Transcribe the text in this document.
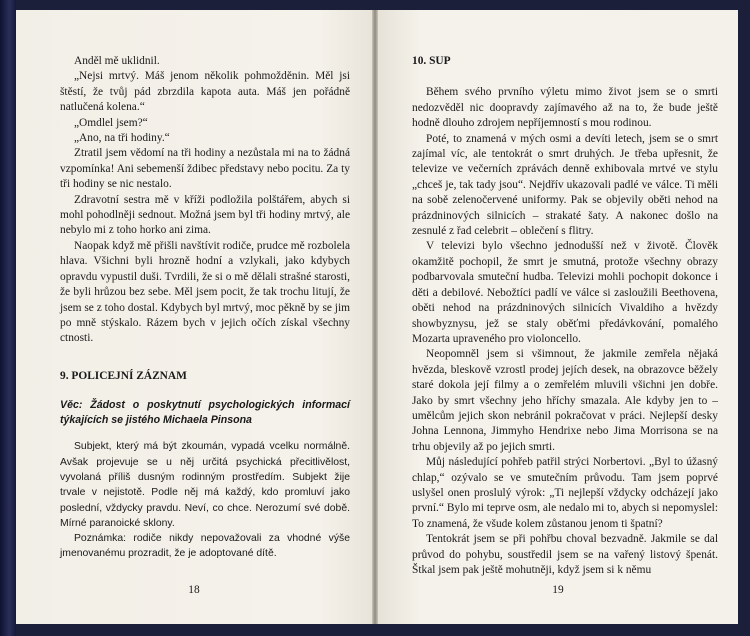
Anděl mě uklidnil.

„Nejsi mrtvý. Máš jenom několik pohmožděnin. Měl jsi štěstí, že tvůj pád zbrzdila kapota auta. Máš jen pořádně natlučená kolena.“

„Omdlel jsem?“

„Ano, na tři hodiny.“

Ztratil jsem vědomí na tři hodiny a nezůstala mi na to žádná vzpomínka! Ani sebemenší ždibec představy nebo pocitu. Za ty tři hodiny se nic nestalo.

Zdravotní sestra mě v kříži podložila polštářem, abych si mohl pohodlněji sednout. Možná jsem byl tři hodiny mrtvý, ale nebylo mi z toho horko ani zima.

Naopak když mě přišli navštívit rodiče, prudce mě rozbolela hlava. Všichni byli hrozně hodní a vzlykali, jako kdybych opravdu vypustil duši. Tvrdili, že si o mě dělali strašné starosti, že byli hrůzou bez sebe. Měl jsem pocit, že tak trochu litují, že jsem se z toho dostal. Kdybych byl mrtvý, moc pěkně by se jim po mně stýskalo. Rázem bych v jejich očích získal všechny ctnosti.

9. POLICEJNÍ ZÁZNAM

Věc: Žádost o poskytnutí psychologických informací týkajících se jistého Michaela Pinsona

Subjekt, který má být zkoumán, vypadá vcelku normálně. Avšak projevuje se u něj určitá psychická přecitlivělost, vyvolaná příliš dusným rodinným prostředím. Subjekt žije trvale v nejistotě. Podle něj má každý, kdo promluví jako poslední, vždycky pravdu. Neví, co chce. Nerozumí své době. Mírné paranoické sklony.

Poznámka: rodiče nikdy nepovažovali za vhodné výše jmenovanému prozradit, že je adoptované dítě.

18

10. SUP

Během svého prvního výletu mimo život jsem se o smrti nedozvěděl nic doopravdy zajímavého až na to, že bude ještě hodně dlouho zdrojem nepříjemností s mou rodinou.

Poté, to znamená v mých osmi a devíti letech, jsem se o smrt zajímal víc, ale tentokrát o smrt druhých. Je třeba upřesnit, že televize ve večerních zprávách denně exhibovala mrtvé ve stylu „chceš je, tak tady jsou“. Nejdřív ukazovali padlé ve válce. Ti měli na sobě zelenočervené uniformy. Pak se objevily oběti nehod na prázdninových silnicích – strakaté šaty. A nakonec došlo na zesnulé z řad celebrit – oblečení s flitry.

V televizi bylo všechno jednodušší než v životě. Člověk okamžitě pochopil, že smrt je smutná, protože všechny obrazy podbarvovala smuteční hudba. Televizi mohli pochopit dokonce i děti a debilové. Nebožtíci padlí ve válce si zasloužili Beethovena, oběti nehod na prázdninových silnicích Vivaldiho a hvězdy showbyznysu, jež se staly oběťmi předávkování, pomalého Mozarta upraveného pro violoncello.

Neopomněl jsem si všimnout, že jakmile zemřela nějaká hvězda, bleskově vzrostl prodej jejích desek, na obrazovce běžely staré dokola její filmy a o zemřelém mluvili všichni jen dobře. Jako by smrt všechny jeho hříchy smazala. Ale kdyby jen to – umělcům jejich skon nebránil pokračovat v práci. Nejlepší desky Johna Lennona, Jimmyho Hendrixe nebo Jima Morrisona se na trhu objevily až po jejich smrti.

Můj následující pohřeb patřil strýci Norbertovi. „Byl to úžasný chlap,“ ozývalo se ve smutečním průvodu. Tam jsem poprvé uslyšel onen proslulý výrok: „Ti nejlepší vždycky odcházejí jako první.“ Bylo mi teprve osm, ale nedalo mi to, abych si nepomyslel: To znamená, že všude kolem zůstanou jenom ti špatní?

Tentokrát jsem se při pohřbu choval bezvadně. Jakmile se dal průvod do pohybu, soustředil jsem se na vařený listový špenát. Štkal jsem pak ještě mohutněji, když jsem si k němu

19
